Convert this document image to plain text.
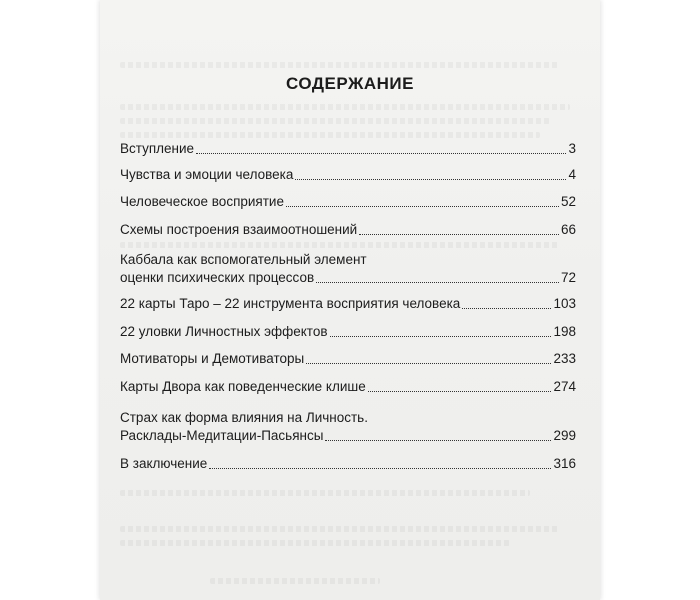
СОДЕРЖАНИЕ
Вступление	3
Чувства и эмоции человека	4
Человеческое восприятие	52
Схемы построения взаимоотношений	66
Каббала как вспомогательный элемент
оценки психических процессов	72
22 карты Таро – 22 инструмента восприятия человека	103
22 уловки Личностных эффектов	198
Мотиваторы и Демотиваторы	233
Карты Двора как поведенческие клише	274
Страх как форма влияния на Личность.
Расклады-Медитации-Пасьянсы	299
В заключение	316
